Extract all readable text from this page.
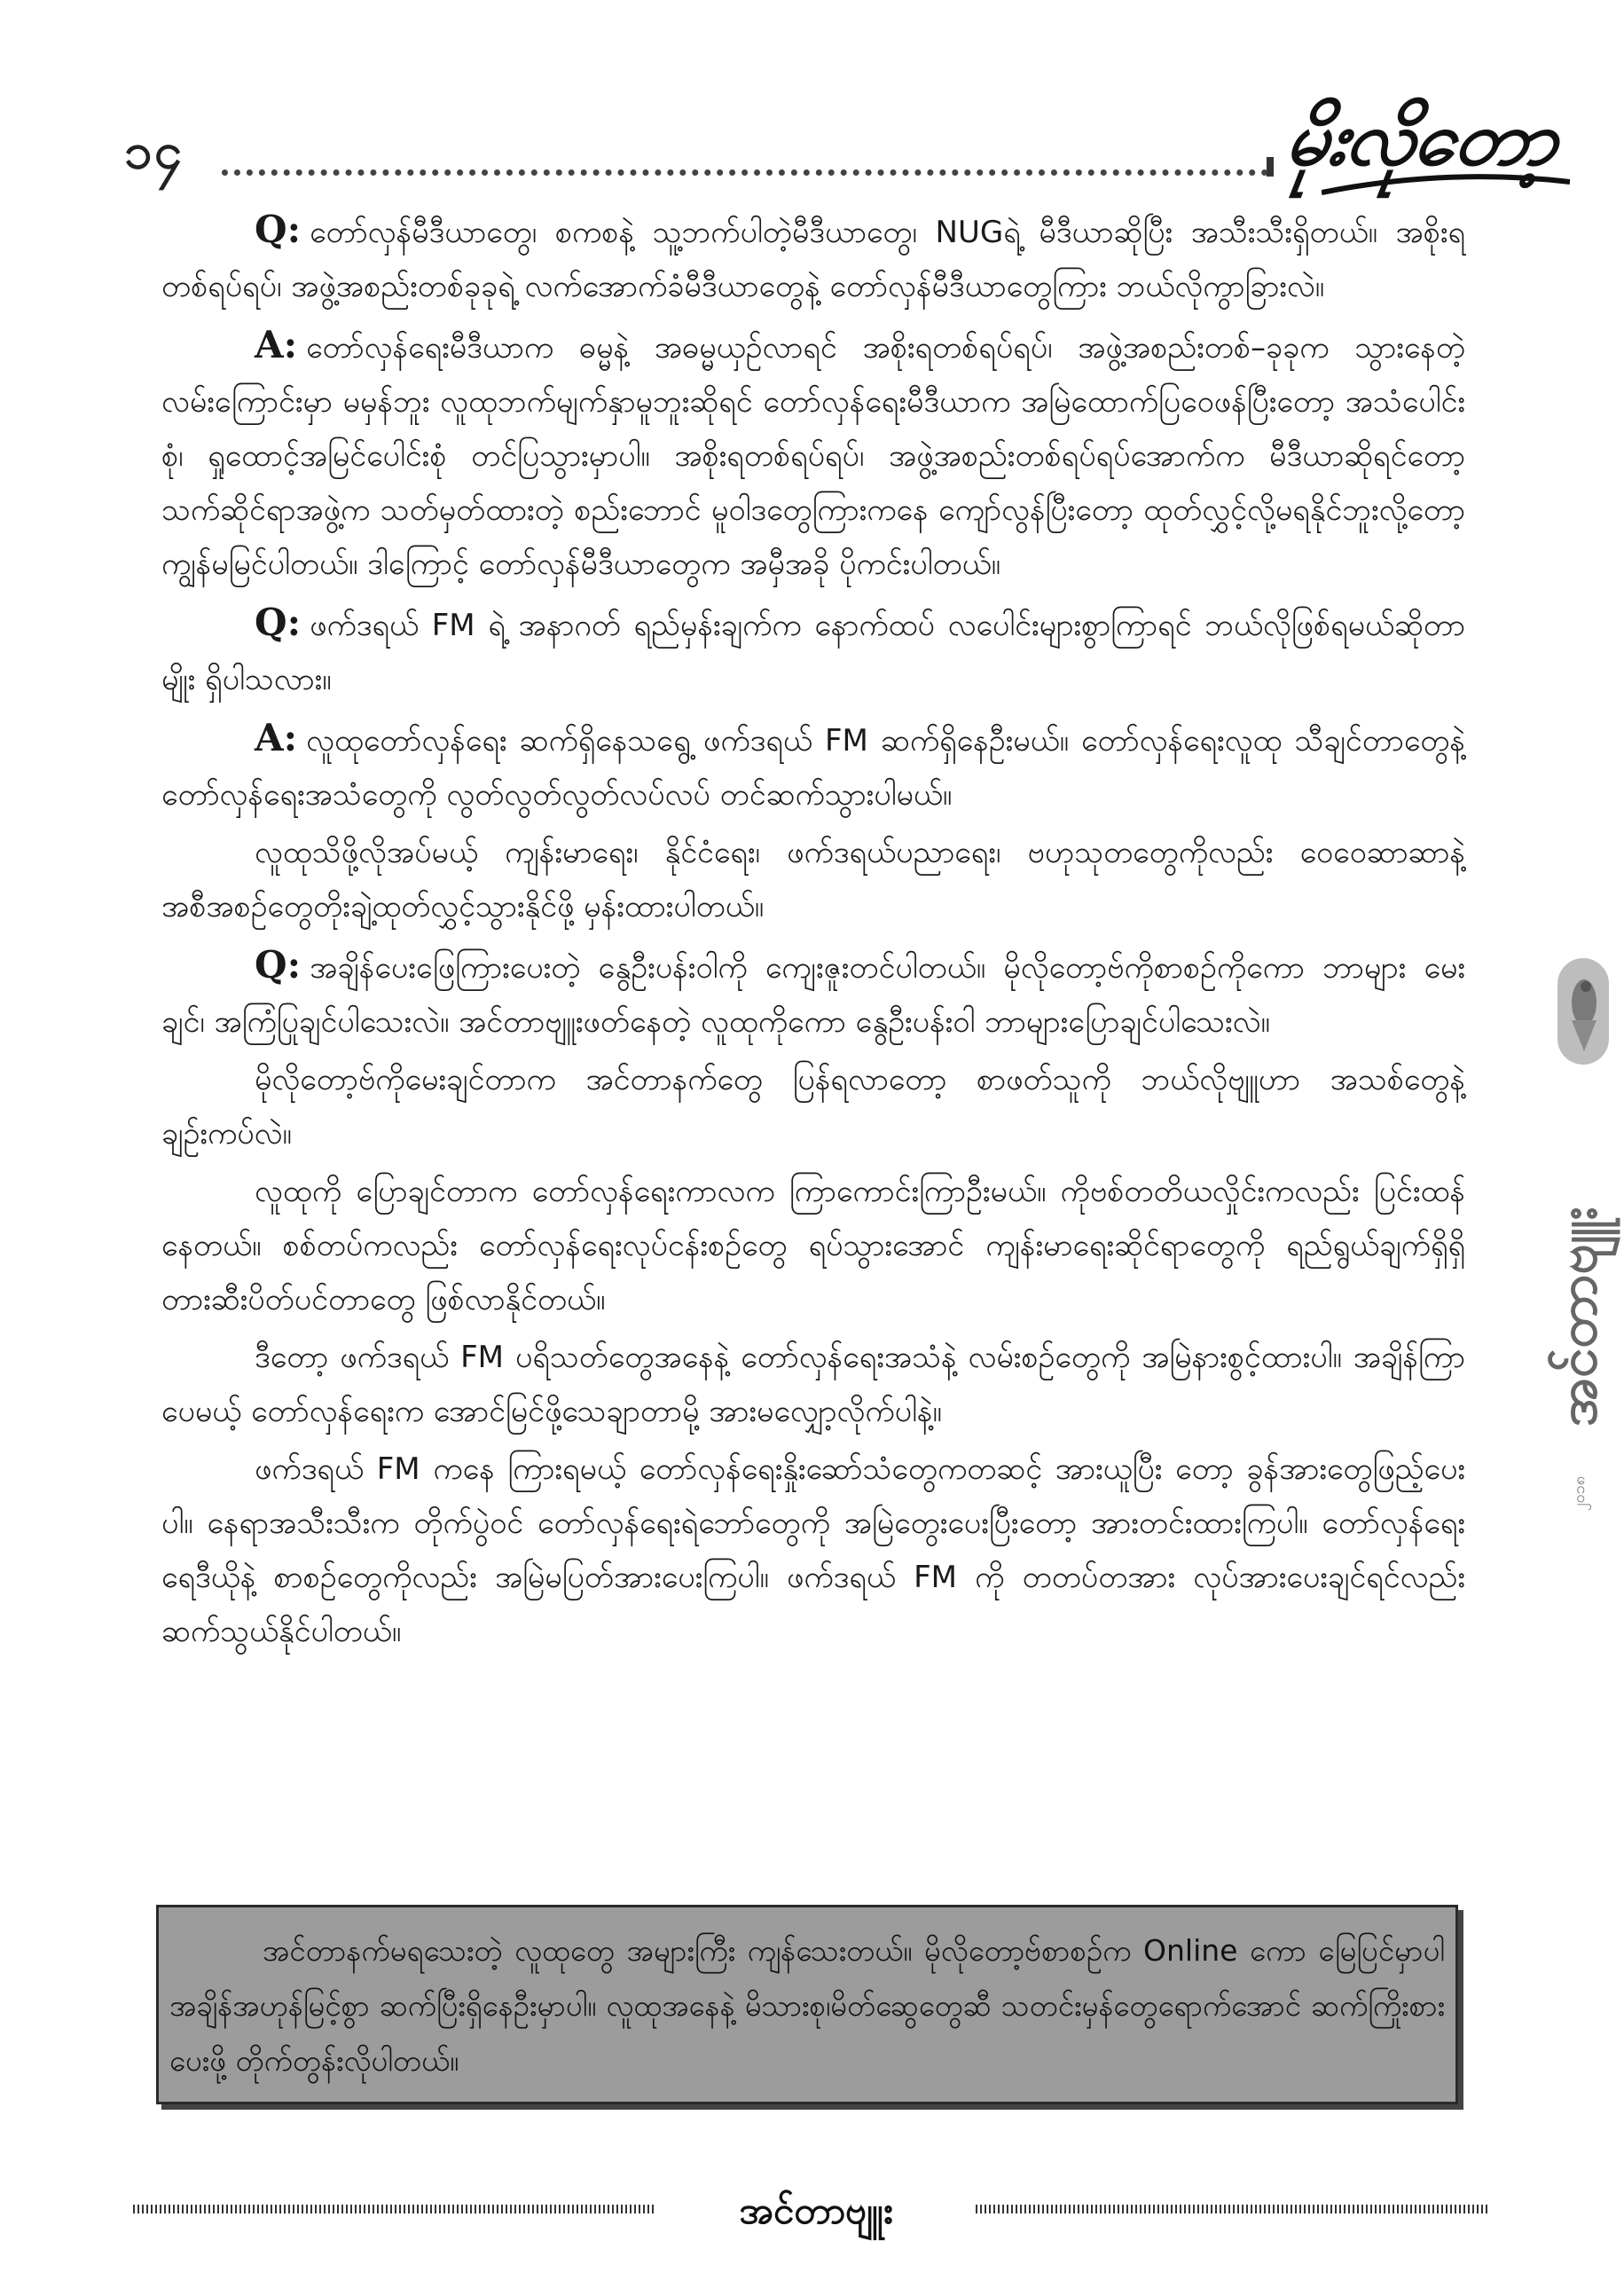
၁၄	မိုးလိုတော့

Q: တော်လှန်မီဒီယာတွေ၊ စကစနဲ့ သူ့ဘက်ပါတဲ့မီဒီယာတွေ၊ NUGရဲ့ မီဒီယာဆိုပြီး အသီးသီးရှိတယ်။ အစိုးရတစ်ရပ်ရပ်၊ အဖွဲ့အစည်းတစ်ခုခုရဲ့ လက်အောက်ခံမီဒီယာတွေနဲ့ တော်လှန်မီဒီယာတွေကြား ဘယ်လိုကွာခြားလဲ။

A: တော်လှန်ရေးမီဒီယာက ဓမ္မနဲ့ အဓမ္မယှဉ်လာရင် အစိုးရတစ်ရပ်ရပ်၊ အဖွဲ့အစည်းတစ်–ခုခုက သွားနေတဲ့ လမ်းကြောင်းမှာ မမှန်ဘူး လူထုဘက်မျက်နှာမူဘူးဆိုရင် တော်လှန်ရေးမီဒီယာက အမြဲထောက်ပြဝေဖန်ပြီးတော့ အသံပေါင်းစုံ၊ ရှုထောင့်အမြင်ပေါင်းစုံ တင်ပြသွားမှာပါ။ အစိုးရတစ်ရပ်ရပ်၊ အဖွဲ့အစည်းတစ်ရပ်ရပ်အောက်က မီဒီယာဆိုရင်တော့ သက်ဆိုင်ရာအဖွဲ့က သတ်မှတ်ထားတဲ့ စည်းဘောင် မူဝါဒတွေကြားကနေ ကျော်လွန်ပြီးတော့ ထုတ်လွှင့်လို့မရနိုင်ဘူးလို့တော့ ကျွန်မမြင်ပါတယ်။ ဒါကြောင့် တော်လှန်မီဒီယာတွေက အမှီအခို ပိုကင်းပါတယ်။

Q: ဖက်ဒရယ် FM ရဲ့ အနာဂတ် ရည်မှန်းချက်က နောက်ထပ် လပေါင်းများစွာကြာရင် ဘယ်လိုဖြစ်ရမယ်ဆိုတာမျိုး ရှိပါသလား။

A: လူထုတော်လှန်ရေး ဆက်ရှိနေသရွေ့ ဖက်ဒရယ် FM ဆက်ရှိနေဦးမယ်။ တော်လှန်ရေးလူထု သီချင်တာတွေနဲ့ တော်လှန်ရေးအသံတွေကို လွတ်လွတ်လွတ်လပ်လပ် တင်ဆက်သွားပါမယ်။

လူထုသိဖို့လိုအပ်မယ့် ကျန်းမာရေး၊ နိုင်ငံရေး၊ ဖက်ဒရယ်ပညာရေး၊ ဗဟုသုတတွေကိုလည်း ဝေဝေဆာဆာနဲ့ အစီအစဉ်တွေတိုးချဲ့ထုတ်လွှင့်သွားနိုင်ဖို့ မှန်းထားပါတယ်။

Q: အချိန်ပေးဖြေကြားပေးတဲ့ နွေဦးပန်းဝါကို ကျေးဇူးတင်ပါတယ်။ မိုလိုတော့ဗ်ကိုစာစဉ်ကိုကော ဘာများ မေးချင်၊ အကြံပြုချင်ပါသေးလဲ။ အင်တာဗျူးဖတ်နေတဲ့ လူထုကိုကော နွေဦးပန်းဝါ ဘာများပြောချင်ပါသေးလဲ။

မိုလိုတော့ဗ်ကိုမေးချင်တာက အင်တာနက်တွေ ပြန်ရလာတော့ စာဖတ်သူကို ဘယ်လိုဗျူဟာ အသစ်တွေနဲ့ ချဉ်းကပ်လဲ။

လူထုကို ပြောချင်တာက တော်လှန်ရေးကာလက ကြာကောင်းကြာဦးမယ်။ ကိုဗစ်တတိယလှိုင်းကလည်း ပြင်းထန်နေတယ်။ စစ်တပ်ကလည်း တော်လှန်ရေးလုပ်ငန်းစဉ်တွေ ရပ်သွားအောင် ကျန်းမာရေးဆိုင်ရာတွေကို ရည်ရွယ်ချက်ရှိရှိ တားဆီးပိတ်ပင်တာတွေ ဖြစ်လာနိုင်တယ်။

ဒီတော့ ဖက်ဒရယ် FM ပရိသတ်တွေအနေနဲ့ တော်လှန်ရေးအသံနဲ့ လမ်းစဉ်တွေကို အမြဲနားစွင့်ထားပါ။ အချိန်ကြာပေမယ့် တော်လှန်ရေးက အောင်မြင်ဖို့သေချာတာမို့ အားမလျှော့လိုက်ပါနဲ့။

ဖက်ဒရယ် FM ကနေ ကြားရမယ့် တော်လှန်ရေးနှိုးဆော်သံတွေကတဆင့် အားယူပြီး တော့ ခွန်အားတွေဖြည့်ပေးပါ။ နေရာအသီးသီးက တိုက်ပွဲဝင် တော်လှန်ရေးရဲဘော်တွေကို အမြဲတွေးပေးပြီးတော့ အားတင်းထားကြပါ။ တော်လှန်ရေးရေဒီယိုနဲ့ စာစဉ်တွေကိုလည်း အမြဲမပြတ်အားပေးကြပါ။ ဖက်ဒရယ် FM ကို တတပ်တအား လုပ်အားပေးချင်ရင်လည်း ဆက်သွယ်နိုင်ပါတယ်။

အင်တာနက်မရသေးတဲ့ လူထုတွေ အများကြီး ကျန်သေးတယ်။ မိုလိုတော့ဗ်စာစဉ်က Online ကော မြေပြင်မှာပါ အချိန်အဟုန်မြင့်စွာ ဆက်ပြီးရှိနေဦးမှာပါ။ လူထုအနေနဲ့ မိသားစု၊မိတ်ဆွေတွေဆီ သတင်းမှန်တွေရောက်အောင် ဆက်ကြိုးစားပေးဖို့ တိုက်တွန်းလိုပါတယ်။

အင်တာဗျူး
၂၀၁၈
အင်တာဗျူး
